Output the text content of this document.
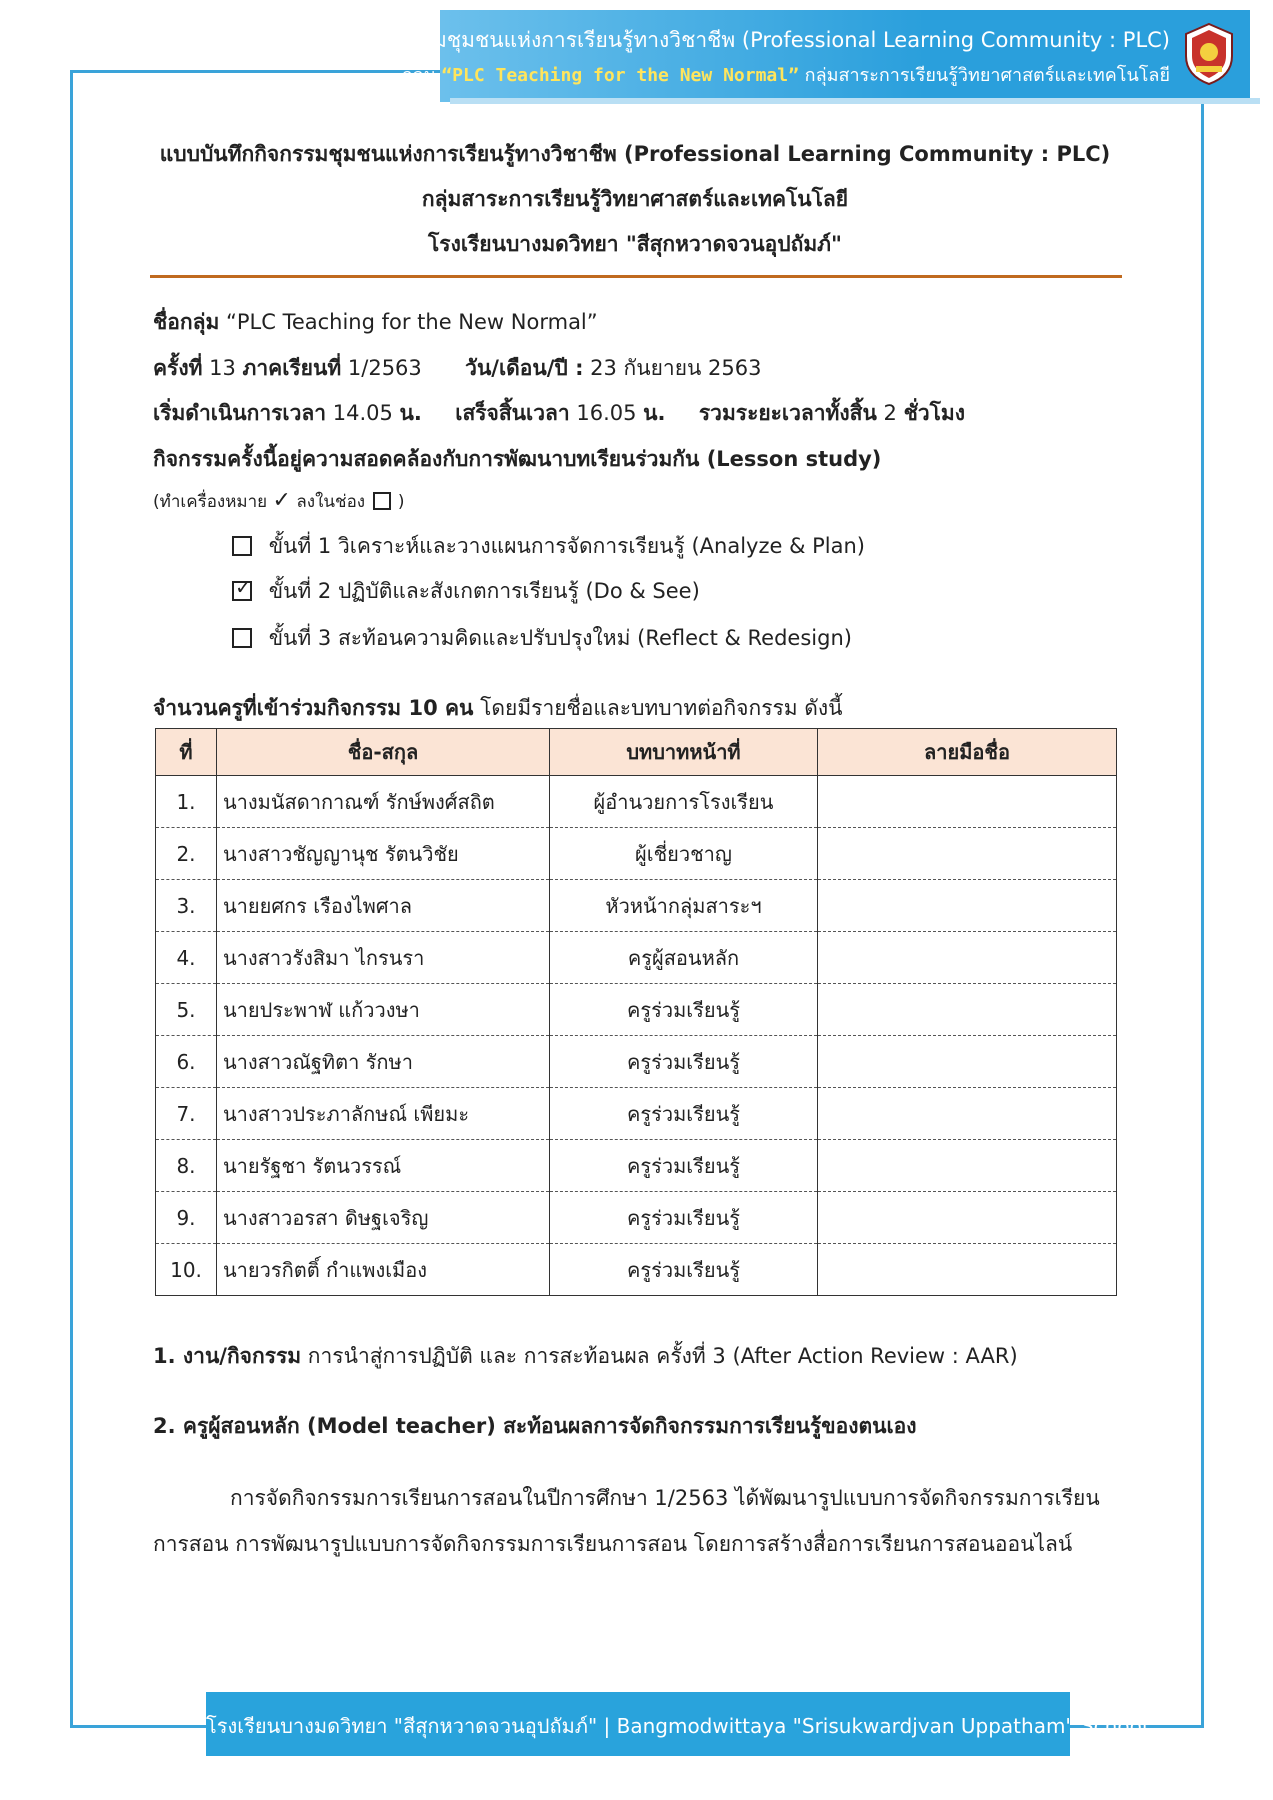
บันทึกกิจกรรมชุมชนแห่งการเรียนรู้ทางวิชาชีพ (Professional Learning Community : PLC)
กลุ่ม “PLC Teaching for the New Normal” กลุ่มสาระการเรียนรู้วิทยาศาสตร์และเทคโนโลยี
แบบบันทึกกิจกรรมชุมชนแห่งการเรียนรู้ทางวิชาชีพ (Professional Learning Community : PLC)
กลุ่มสาระการเรียนรู้วิทยาศาสตร์และเทคโนโลยี
โรงเรียนบางมดวิทยา "สีสุกหวาดจวนอุปถัมภ์"
ชื่อกลุ่ม “PLC Teaching for the New Normal”
ครั้งที่ 13 ภาคเรียนที่ 1/2563 วัน/เดือน/ปี : 23 กันยายน 2563
เริ่มดำเนินการเวลา 14.05 น. เสร็จสิ้นเวลา 16.05 น. รวมระยะเวลาทั้งสิ้น 2 ชั่วโมง
กิจกรรมครั้งนี้อยู่ความสอดคล้องกับการพัฒนาบทเรียนร่วมกัน (Lesson study)
(ทำเครื่องหมาย ✓ ลงในช่อง )
ขั้นที่ 1 วิเคราะห์และวางแผนการจัดการเรียนรู้ (Analyze & Plan)
✓ ขั้นที่ 2 ปฏิบัติและสังเกตการเรียนรู้ (Do & See)
ขั้นที่ 3 สะท้อนความคิดและปรับปรุงใหม่ (Reflect & Redesign)
จำนวนครูที่เข้าร่วมกิจกรรม 10 คน โดยมีรายชื่อและบทบาทต่อกิจกรรม ดังนี้
ที่	ชื่อ-สกุล	บทบาทหน้าที่	ลายมือชื่อ
1.	นางมนัสดากาณฑ์ รักษ์พงศ์สถิต	ผู้อำนวยการโรงเรียน	
2.	นางสาวชัญญานุช รัตนวิชัย	ผู้เชี่ยวชาญ	
3.	นายยศกร เรืองไพศาล	หัวหน้ากลุ่มสาระฯ	
4.	นางสาวรังสิมา ไกรนรา	ครูผู้สอนหลัก	
5.	นายประพาฬ แก้ววงษา	ครูร่วมเรียนรู้	
6.	นางสาวณัฐทิตา รักษา	ครูร่วมเรียนรู้	
7.	นางสาวประภาลักษณ์ เพียมะ	ครูร่วมเรียนรู้	
8.	นายรัฐชา รัตนวรรณ์	ครูร่วมเรียนรู้	
9.	นางสาวอรสา ดิษฐเจริญ	ครูร่วมเรียนรู้	
10.	นายวรกิตติ์ กำแพงเมือง	ครูร่วมเรียนรู้	
1. งาน/กิจกรรม การนำสู่การปฏิบัติ และ การสะท้อนผล ครั้งที่ 3 (After Action Review : AAR)
2. ครูผู้สอนหลัก (Model teacher) สะท้อนผลการจัดกิจกรรมการเรียนรู้ของตนเอง
การจัดกิจกรรมการเรียนการสอนในปีการศึกษา 1/2563 ได้พัฒนารูปแบบการจัดกิจกรรมการเรียน
การสอน การพัฒนารูปแบบการจัดกิจกรรมการเรียนการสอน โดยการสร้างสื่อการเรียนการสอนออนไลน์
โรงเรียนบางมดวิทยา "สีสุกหวาดจวนอุปถัมภ์" | Bangmodwittaya "Srisukwardjvan Uppatham" School
